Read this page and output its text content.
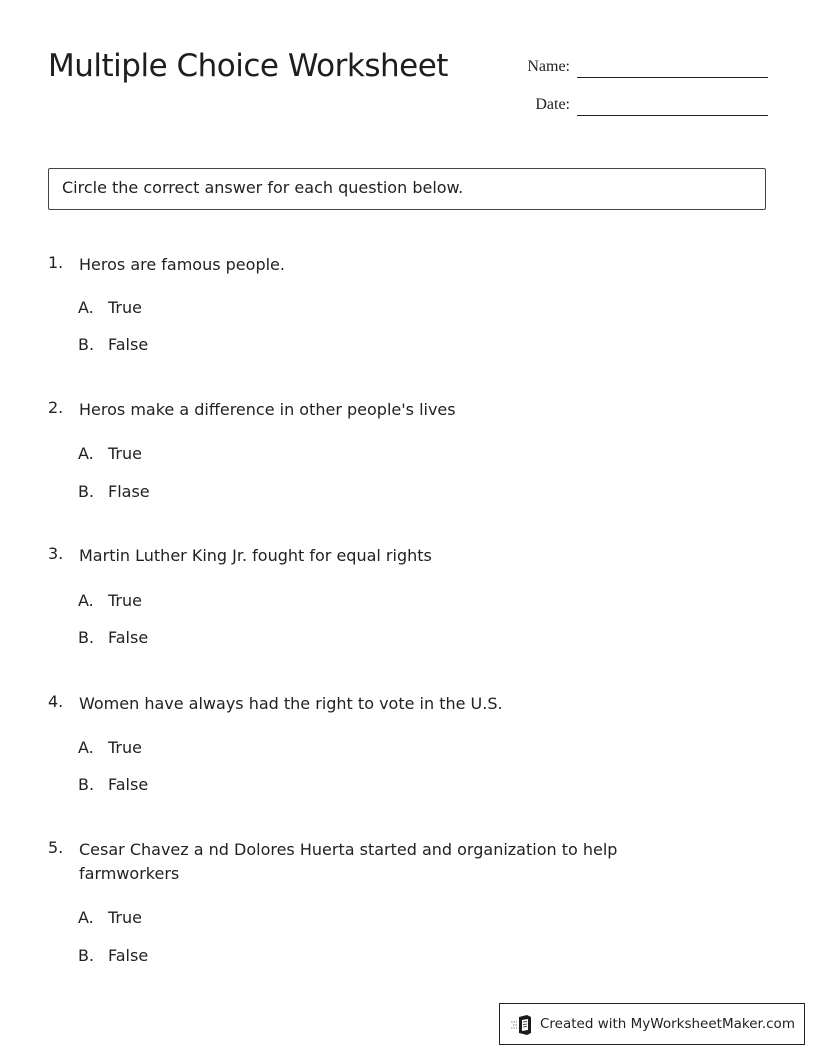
Multiple Choice Worksheet	Name:
Date:
Circle the correct answer for each question below.
1. Heros are famous people.
A. True
B. False
2. Heros make a difference in other people's lives
A. True
B. Flase
3. Martin Luther King Jr. fought for equal rights
A. True
B. False
4. Women have always had the right to vote in the U.S.
A. True
B. False
5. Cesar Chavez a nd Dolores Huerta started and organization to help farmworkers
A. True
B. False
Created with MyWorksheetMaker.com
